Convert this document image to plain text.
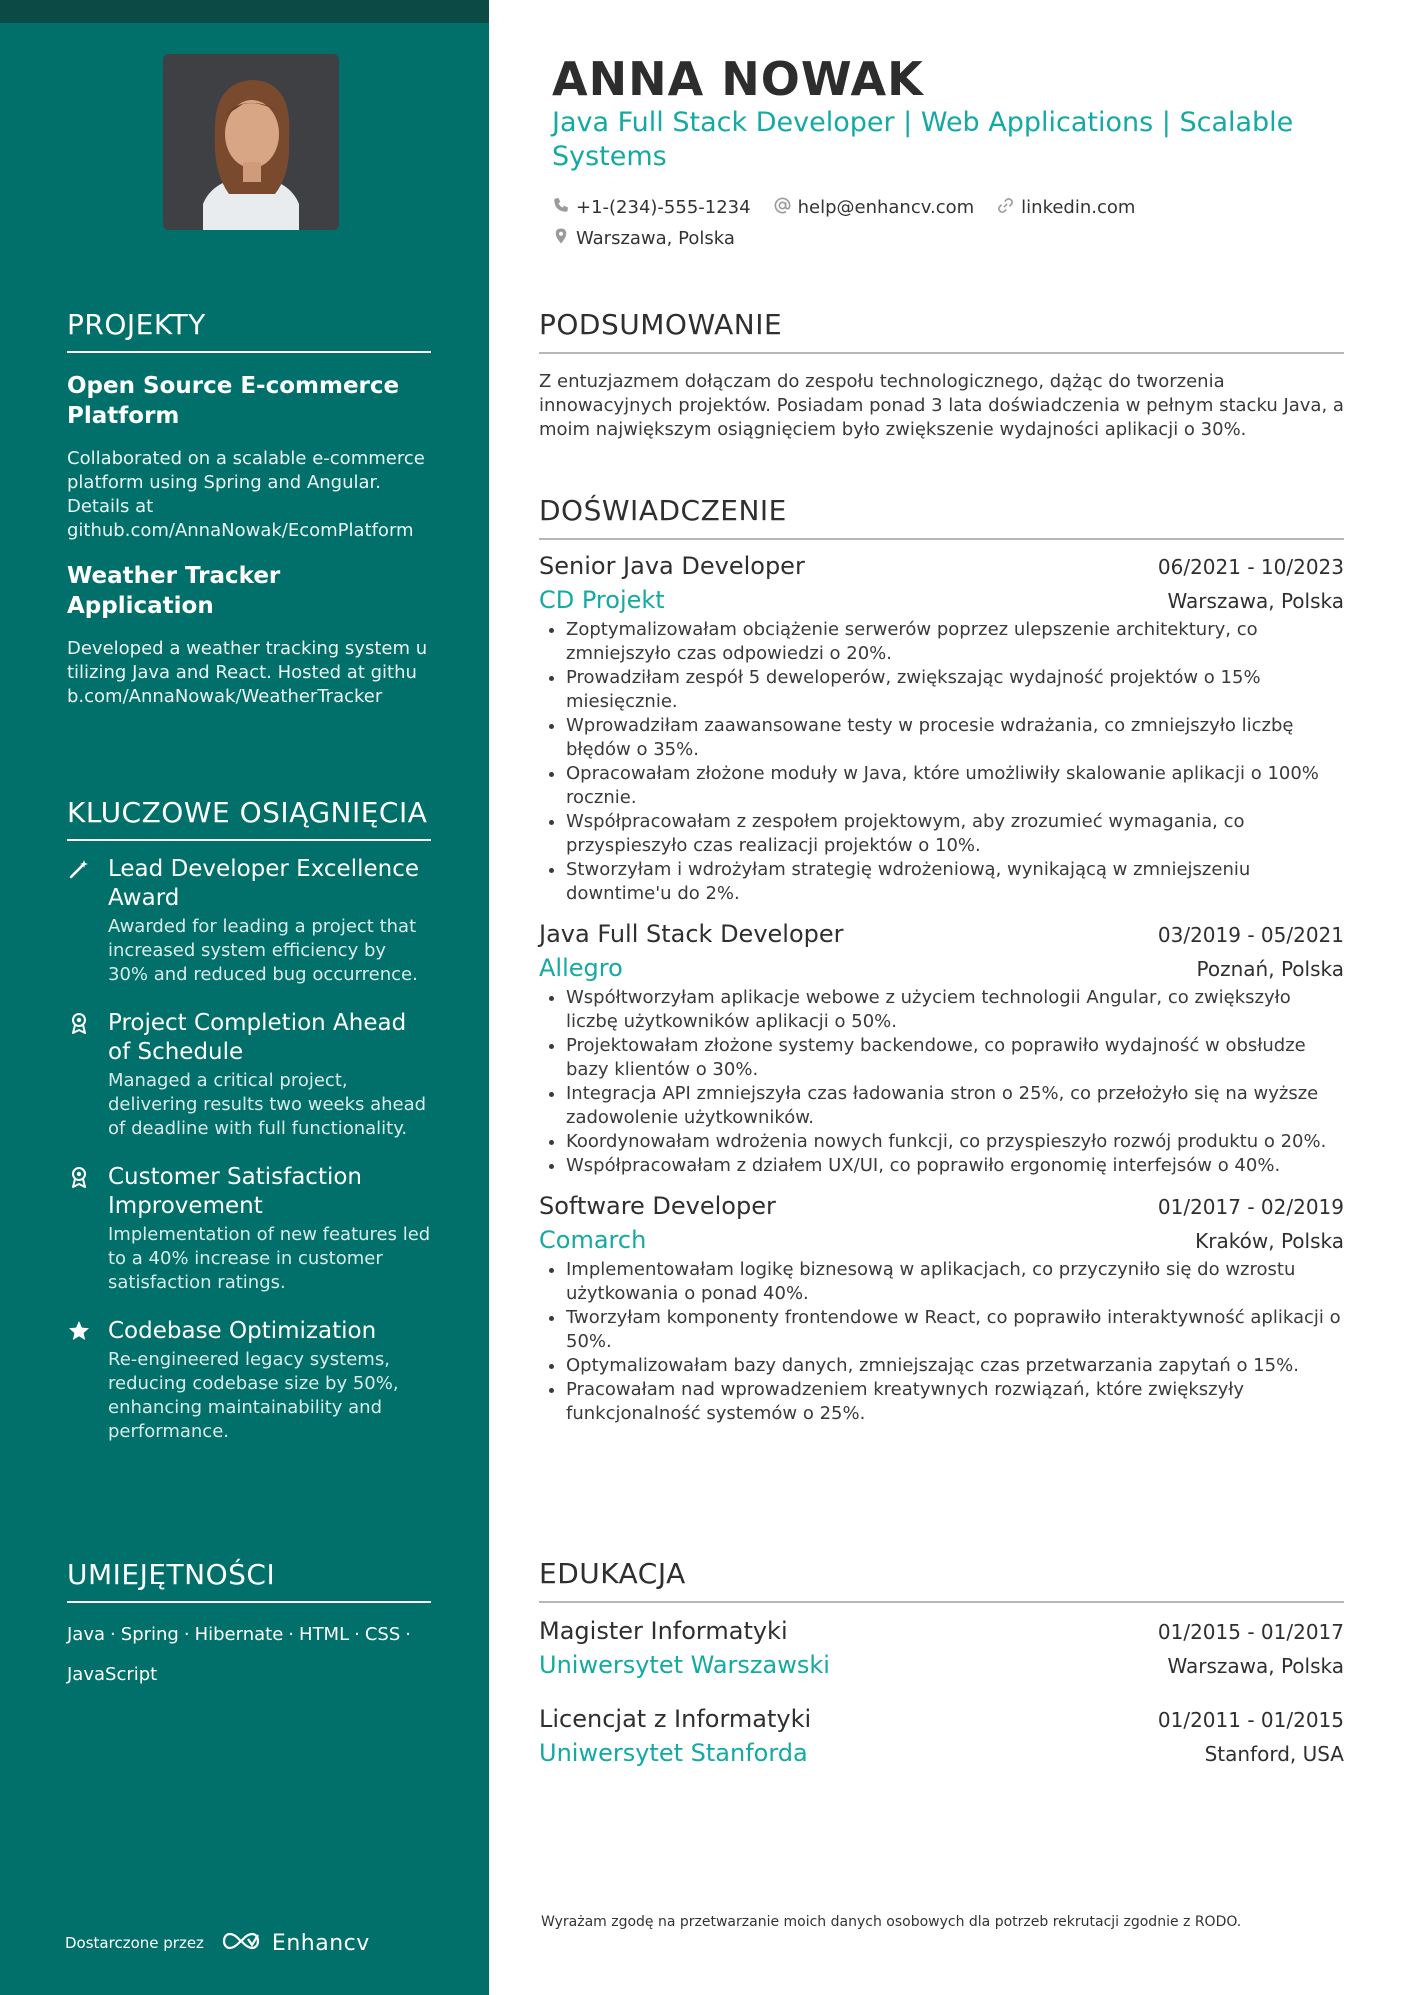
PROJEKTY
Open Source E-commerce Platform
Collaborated on a scalable e-commerce platform using Spring and Angular. Details at github.com/AnnaNowak/EcomPlatform
Weather Tracker Application
Developed a weather tracking system utilizing Java and React. Hosted at github.com/AnnaNowak/WeatherTracker
KLUCZOWE OSIĄGNIĘCIA
Lead Developer Excellence Award
Awarded for leading a project that increased system efficiency by 30% and reduced bug occurrence.
Project Completion Ahead of Schedule
Managed a critical project, delivering results two weeks ahead of deadline with full functionality.
Customer Satisfaction Improvement
Implementation of new features led to a 40% increase in customer satisfaction ratings.
Codebase Optimization
Re-engineered legacy systems, reducing codebase size by 50%, enhancing maintainability and performance.
UMIEJĘTNOŚCI
Java · Spring · Hibernate · HTML · CSS ·
JavaScript
Dostarczone przez	Enhancv
ANNA NOWAK
Java Full Stack Developer | Web Applications | Scalable Systems
+1-(234)-555-1234	help@enhancv.com	linkedin.com
Warszawa, Polska
PODSUMOWANIE
Z entuzjazmem dołączam do zespołu technologicznego, dążąc do tworzenia innowacyjnych projektów. Posiadam ponad 3 lata doświadczenia w pełnym stacku Java, a moim największym osiągnięciem było zwiększenie wydajności aplikacji o 30%.
DOŚWIADCZENIE
Senior Java Developer	06/2021 - 10/2023
CD Projekt	Warszawa, Polska
Zoptymalizowałam obciążenie serwerów poprzez ulepszenie architektury, co zmniejszyło czas odpowiedzi o 20%.
Prowadziłam zespół 5 deweloperów, zwiększając wydajność projektów o 15% miesięcznie.
Wprowadziłam zaawansowane testy w procesie wdrażania, co zmniejszyło liczbę błędów o 35%.
Opracowałam złożone moduły w Java, które umożliwiły skalowanie aplikacji o 100% rocznie.
Współpracowałam z zespołem projektowym, aby zrozumieć wymagania, co przyspieszyło czas realizacji projektów o 10%.
Stworzyłam i wdrożyłam strategię wdrożeniową, wynikającą w zmniejszeniu downtime'u do 2%.
Java Full Stack Developer	03/2019 - 05/2021
Allegro	Poznań, Polska
Współtworzyłam aplikacje webowe z użyciem technologii Angular, co zwiększyło liczbę użytkowników aplikacji o 50%.
Projektowałam złożone systemy backendowe, co poprawiło wydajność w obsłudze bazy klientów o 30%.
Integracja API zmniejszyła czas ładowania stron o 25%, co przełożyło się na wyższe zadowolenie użytkowników.
Koordynowałam wdrożenia nowych funkcji, co przyspieszyło rozwój produktu o 20%.
Współpracowałam z działem UX/UI, co poprawiło ergonomię interfejsów o 40%.
Software Developer	01/2017 - 02/2019
Comarch	Kraków, Polska
Implementowałam logikę biznesową w aplikacjach, co przyczyniło się do wzrostu użytkowania o ponad 40%.
Tworzyłam komponenty frontendowe w React, co poprawiło interaktywność aplikacji o 50%.
Optymalizowałam bazy danych, zmniejszając czas przetwarzania zapytań o 15%.
Pracowałam nad wprowadzeniem kreatywnych rozwiązań, które zwiększyły funkcjonalność systemów o 25%.
EDUKACJA
Magister Informatyki	01/2015 - 01/2017
Uniwersytet Warszawski	Warszawa, Polska
Licencjat z Informatyki	01/2011 - 01/2015
Uniwersytet Stanforda	Stanford, USA
Wyrażam zgodę na przetwarzanie moich danych osobowych dla potrzeb rekrutacji zgodnie z RODO.
